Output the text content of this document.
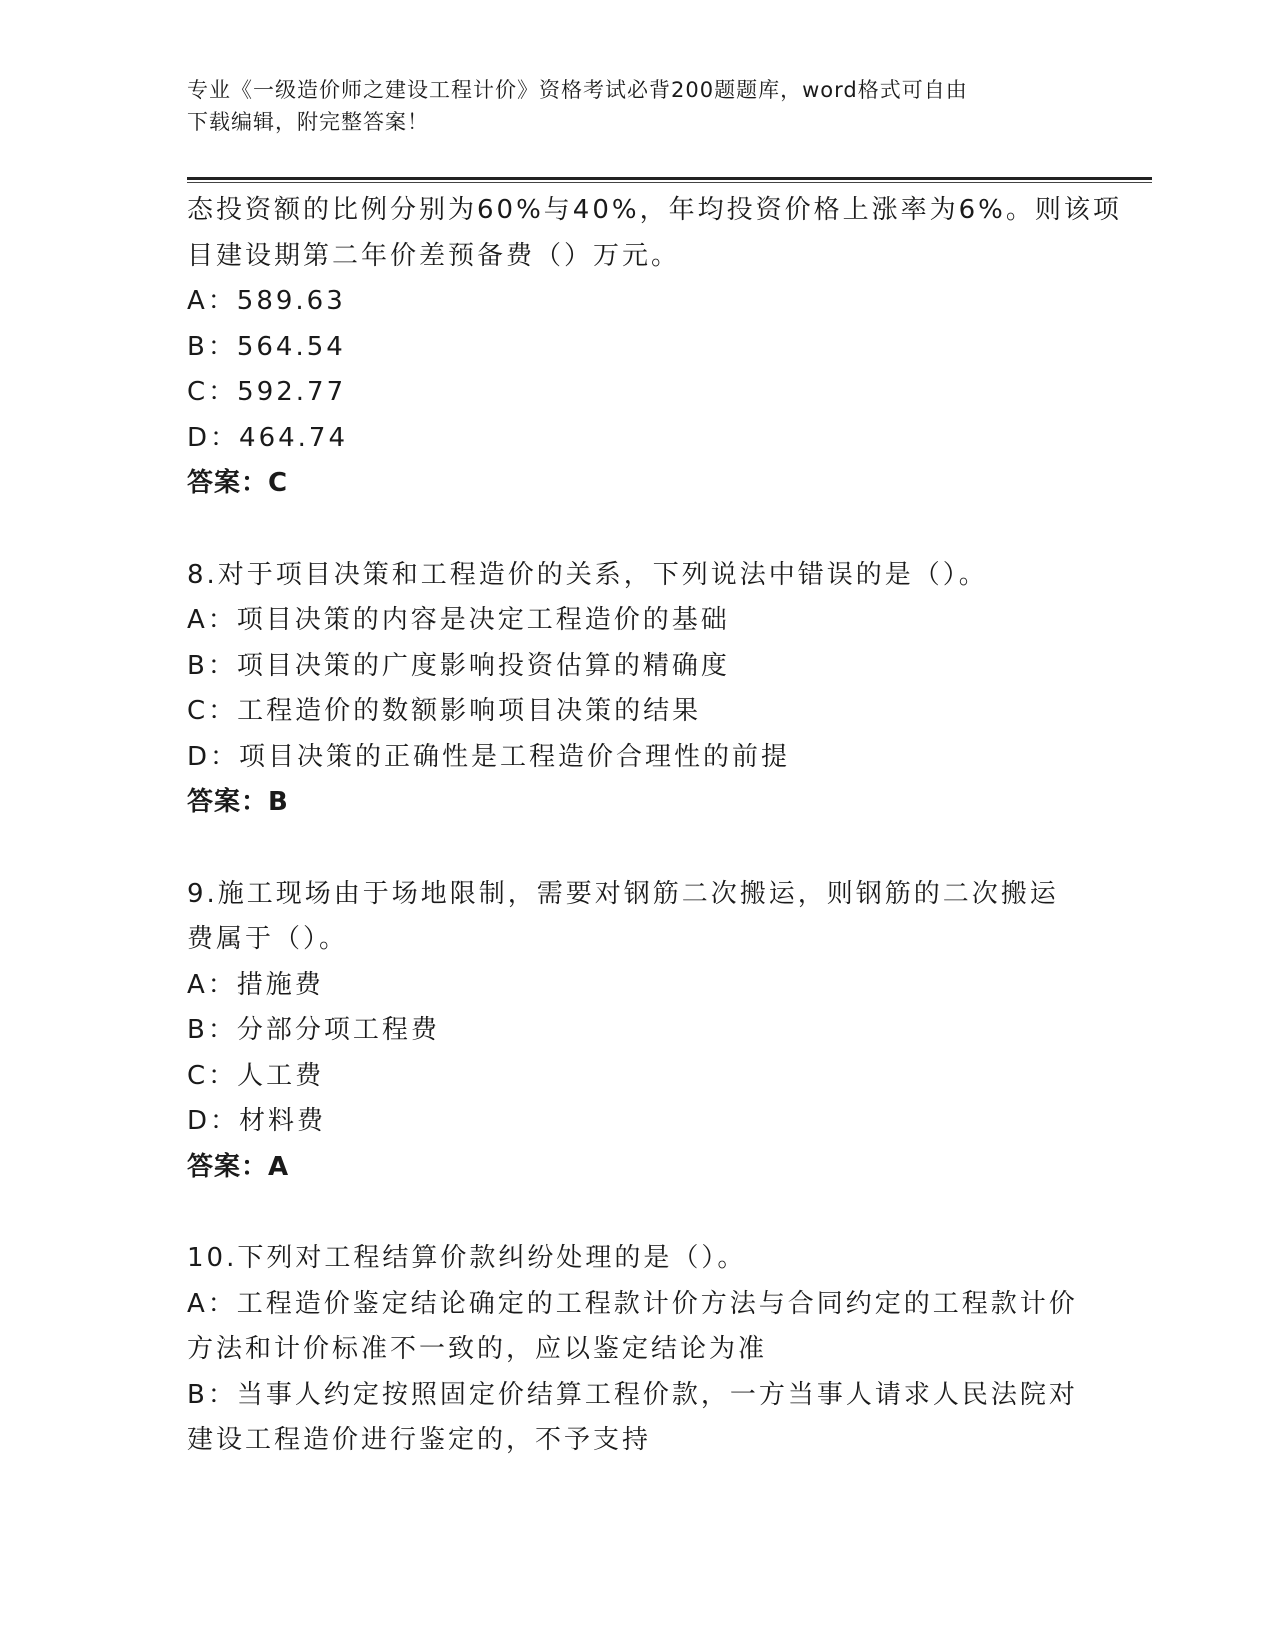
专业《一级造价师之建设工程计价》资格考试必背200题题库，word格式可自由
下载编辑，附完整答案！
态投资额的比例分别为60%与40%，年均投资价格上涨率为6%。则该项
目建设期第二年价差预备费（）万元。
A：589.63
B：564.54
C：592.77
D：464.74
答案：C
8.对于项目决策和工程造价的关系，下列说法中错误的是（）。
A：项目决策的内容是决定工程造价的基础
B：项目决策的广度影响投资估算的精确度
C：工程造价的数额影响项目决策的结果
D：项目决策的正确性是工程造价合理性的前提
答案：B
9.施工现场由于场地限制，需要对钢筋二次搬运，则钢筋的二次搬运
费属于（）。
A：措施费
B：分部分项工程费
C：人工费
D：材料费
答案：A
10.下列对工程结算价款纠纷处理的是（）。
A：工程造价鉴定结论确定的工程款计价方法与合同约定的工程款计价
方法和计价标准不一致的，应以鉴定结论为准
B：当事人约定按照固定价结算工程价款，一方当事人请求人民法院对
建设工程造价进行鉴定的，不予支持
